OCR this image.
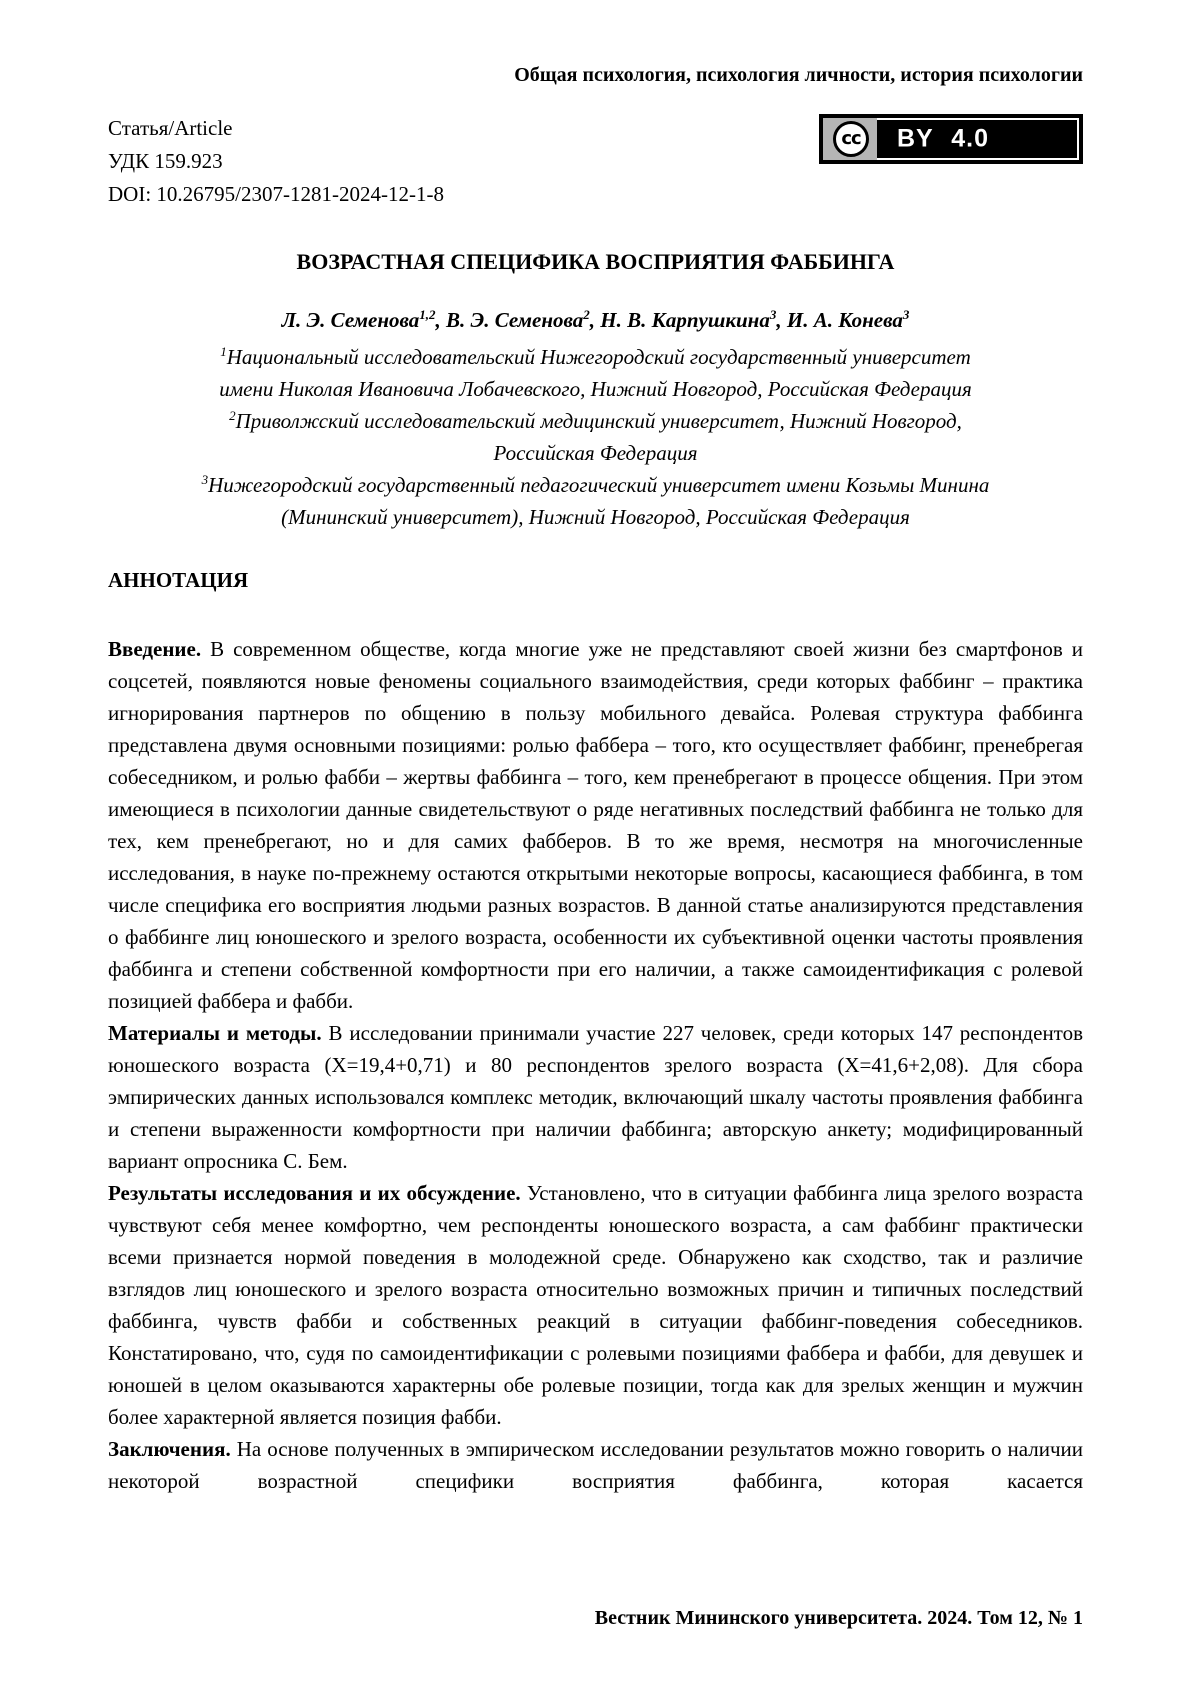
Общая психология, психология личности, история психологии
Статья/Article
УДК 159.923
DOI: 10.26795/2307-1281-2024-12-1-8
cc	BY 4.0
ВОЗРАСТНАЯ СПЕЦИФИКА ВОСПРИЯТИЯ ФАББИНГА
Л. Э. Семенова$^{1,2}$, В. Э. Семенова$^2$, Н. В. Карпушкина$^3$, И. А. Конева$^3$
$^1$Национальный исследовательский Нижегородский государственный университет
имени Николая Ивановича Лобачевского, Нижний Новгород, Российская Федерация
$^2$Приволжский исследовательский медицинский университет, Нижний Новгород,
Российская Федерация
$^3$Нижегородский государственный педагогический университет имени Козьмы Минина
(Мининский университет), Нижний Новгород, Российская Федерация
АННОТАЦИЯ

Введение. В современном обществе, когда многие уже не представляют своей жизни без смартфонов и соцсетей, появляются новые феномены социального взаимодействия, среди которых фаббинг – практика игнорирования партнеров по общению в пользу мобильного девайса. Ролевая структура фаббинга представлена двумя основными позициями: ролью фаббера – того, кто осуществляет фаббинг, пренебрегая собеседником, и ролью фабби – жертвы фаббинга – того, кем пренебрегают в процессе общения. При этом имеющиеся в психологии данные свидетельствуют о ряде негативных последствий фаббинга не только для тех, кем пренебрегают, но и для самих фабберов. В то же время, несмотря на многочисленные исследования, в науке по-прежнему остаются открытыми некоторые вопросы, касающиеся фаббинга, в том числе специфика его восприятия людьми разных возрастов. В данной статье анализируются представления о фаббинге лиц юношеского и зрелого возраста, особенности их субъективной оценки частоты проявления фаббинга и степени собственной комфортности при его наличии, а также самоидентификация с ролевой позицией фаббера и фабби.

Материалы и методы. В исследовании принимали участие 227 человек, среди которых 147 респондентов юношеского возраста (Х=19,4+0,71) и 80 респондентов зрелого возраста (Х=41,6+2,08). Для сбора эмпирических данных использовался комплекс методик, включающий шкалу частоты проявления фаббинга и степени выраженности комфортности при наличии фаббинга; авторскую анкету; модифицированный вариант опросника С. Бем.

Результаты исследования и их обсуждение. Установлено, что в ситуации фаббинга лица зрелого возраста чувствуют себя менее комфортно, чем респонденты юношеского возраста, а сам фаббинг практически всеми признается нормой поведения в молодежной среде. Обнаружено как сходство, так и различие взглядов лиц юношеского и зрелого возраста относительно возможных причин и типичных последствий фаббинга, чувств фабби и собственных реакций в ситуации фаббинг-поведения собеседников. Констатировано, что, судя по самоидентификации с ролевыми позициями фаббера и фабби, для девушек и юношей в целом оказываются характерны обе ролевые позиции, тогда как для зрелых женщин и мужчин более характерной является позиция фабби.

Заключения. На основе полученных в эмпирическом исследовании результатов можно говорить о наличии некоторой возрастной специфики восприятия фаббинга, которая касается

Вестник Мининского университета. 2024. Том 12, № 1
